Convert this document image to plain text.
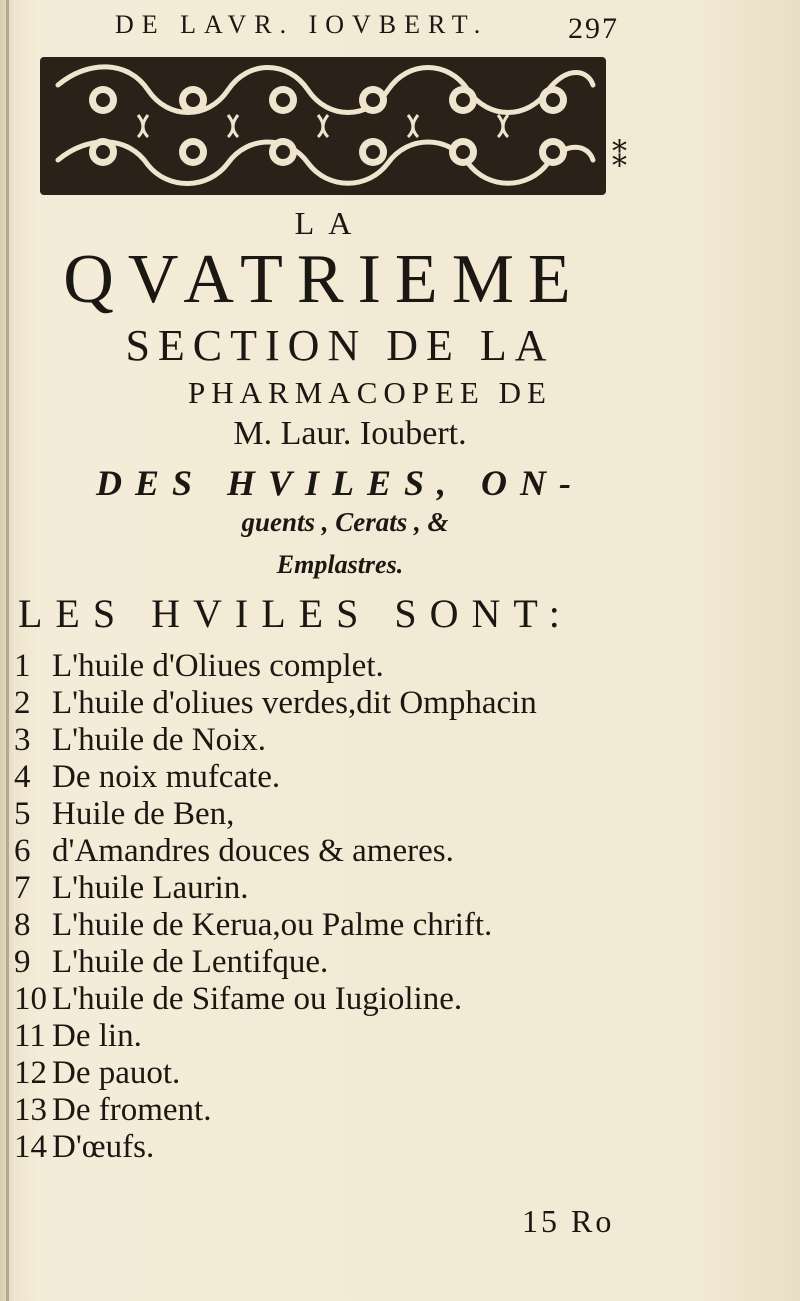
DE LAVR. IOVBERT.	297
⁑
LA
QVATRIEME
SECTION DE LA
PHARMACOPEE DE
M. Laur. Ioubert.
DES HVILES, ON-
guents , Cerats , &
Emplastres.
LES HVILES SONT:
1 L'huile d'Oliues complet.
2 L'huile d'oliues verdes,dit Omphacin
3 L'huile de Noix.
4 De noix mufcate.
5 Huile de Ben,
6 d'Amandres douces & ameres.
7 L'huile Laurin.
8 L'huile de Kerua,ou Palme chrift.
9 L'huile de Lentifque.
10 L'huile de Sifame ou Iugioline.
11 De lin.
12 De pauot.
13 De froment.
14 D'œufs.
15 Ro
